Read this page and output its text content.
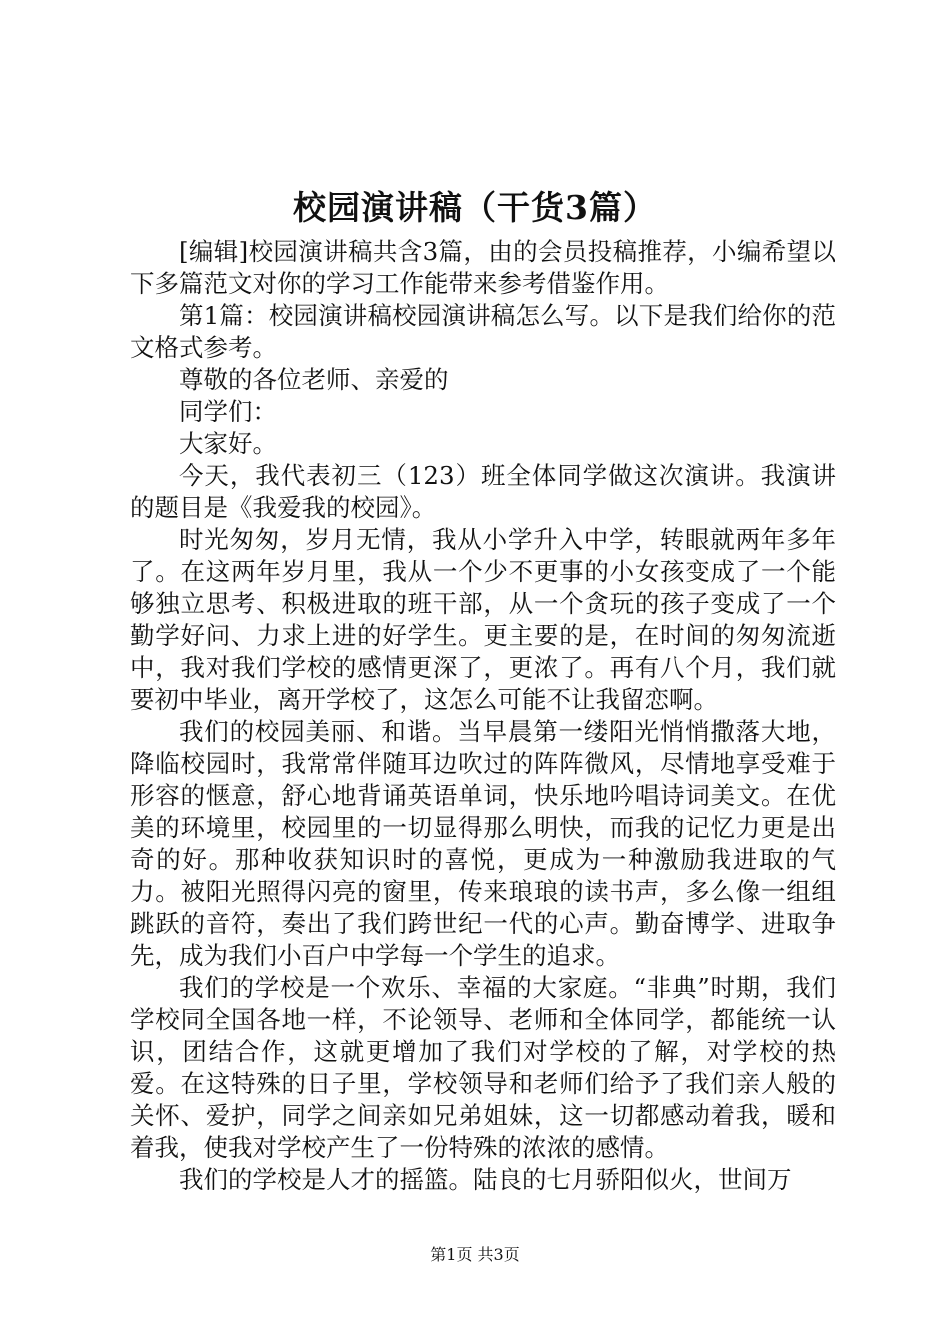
校园演讲稿（干货3篇）

[编辑]校园演讲稿共含3篇，由的会员投稿推荐，小编希望以下多篇范文对你的学习工作能带来参考借鉴作用。

第1篇：校园演讲稿校园演讲稿怎么写。以下是我们给你的范文格式参考。

尊敬的各位老师、亲爱的

同学们：

大家好。

今天，我代表初三（123）班全体同学做这次演讲。我演讲的题目是《我爱我的校园》。

时光匆匆，岁月无情，我从小学升入中学，转眼就两年多年了。在这两年岁月里，我从一个少不更事的小女孩变成了一个能够独立思考、积极进取的班干部，从一个贪玩的孩子变成了一个勤学好问、力求上进的好学生。更主要的是，在时间的匆匆流逝中，我对我们学校的感情更深了，更浓了。再有八个月，我们就要初中毕业，离开学校了，这怎么可能不让我留恋啊。

我们的校园美丽、和谐。当早晨第一缕阳光悄悄撒落大地，降临校园时，我常常伴随耳边吹过的阵阵微风，尽情地享受难于形容的惬意，舒心地背诵英语单词，快乐地吟唱诗词美文。在优美的环境里，校园里的一切显得那么明快，而我的记忆力更是出奇的好。那种收获知识时的喜悦，更成为一种激励我进取的气力。被阳光照得闪亮的窗里，传来琅琅的读书声，多么像一组组跳跃的音符，奏出了我们跨世纪一代的心声。勤奋博学、进取争先，成为我们小百户中学每一个学生的追求。

我们的学校是一个欢乐、幸福的大家庭。“非典”时期，我们学校同全国各地一样，不论领导、老师和全体同学，都能统一认识，团结合作，这就更增加了我们对学校的了解，对学校的热爱。在这特殊的日子里，学校领导和老师们给予了我们亲人般的关怀、爱护，同学之间亲如兄弟姐妹，这一切都感动着我，暖和着我，使我对学校产生了一份特殊的浓浓的感情。

我们的学校是人才的摇篮。陆良的七月骄阳似火，世间万

第1页 共3页
